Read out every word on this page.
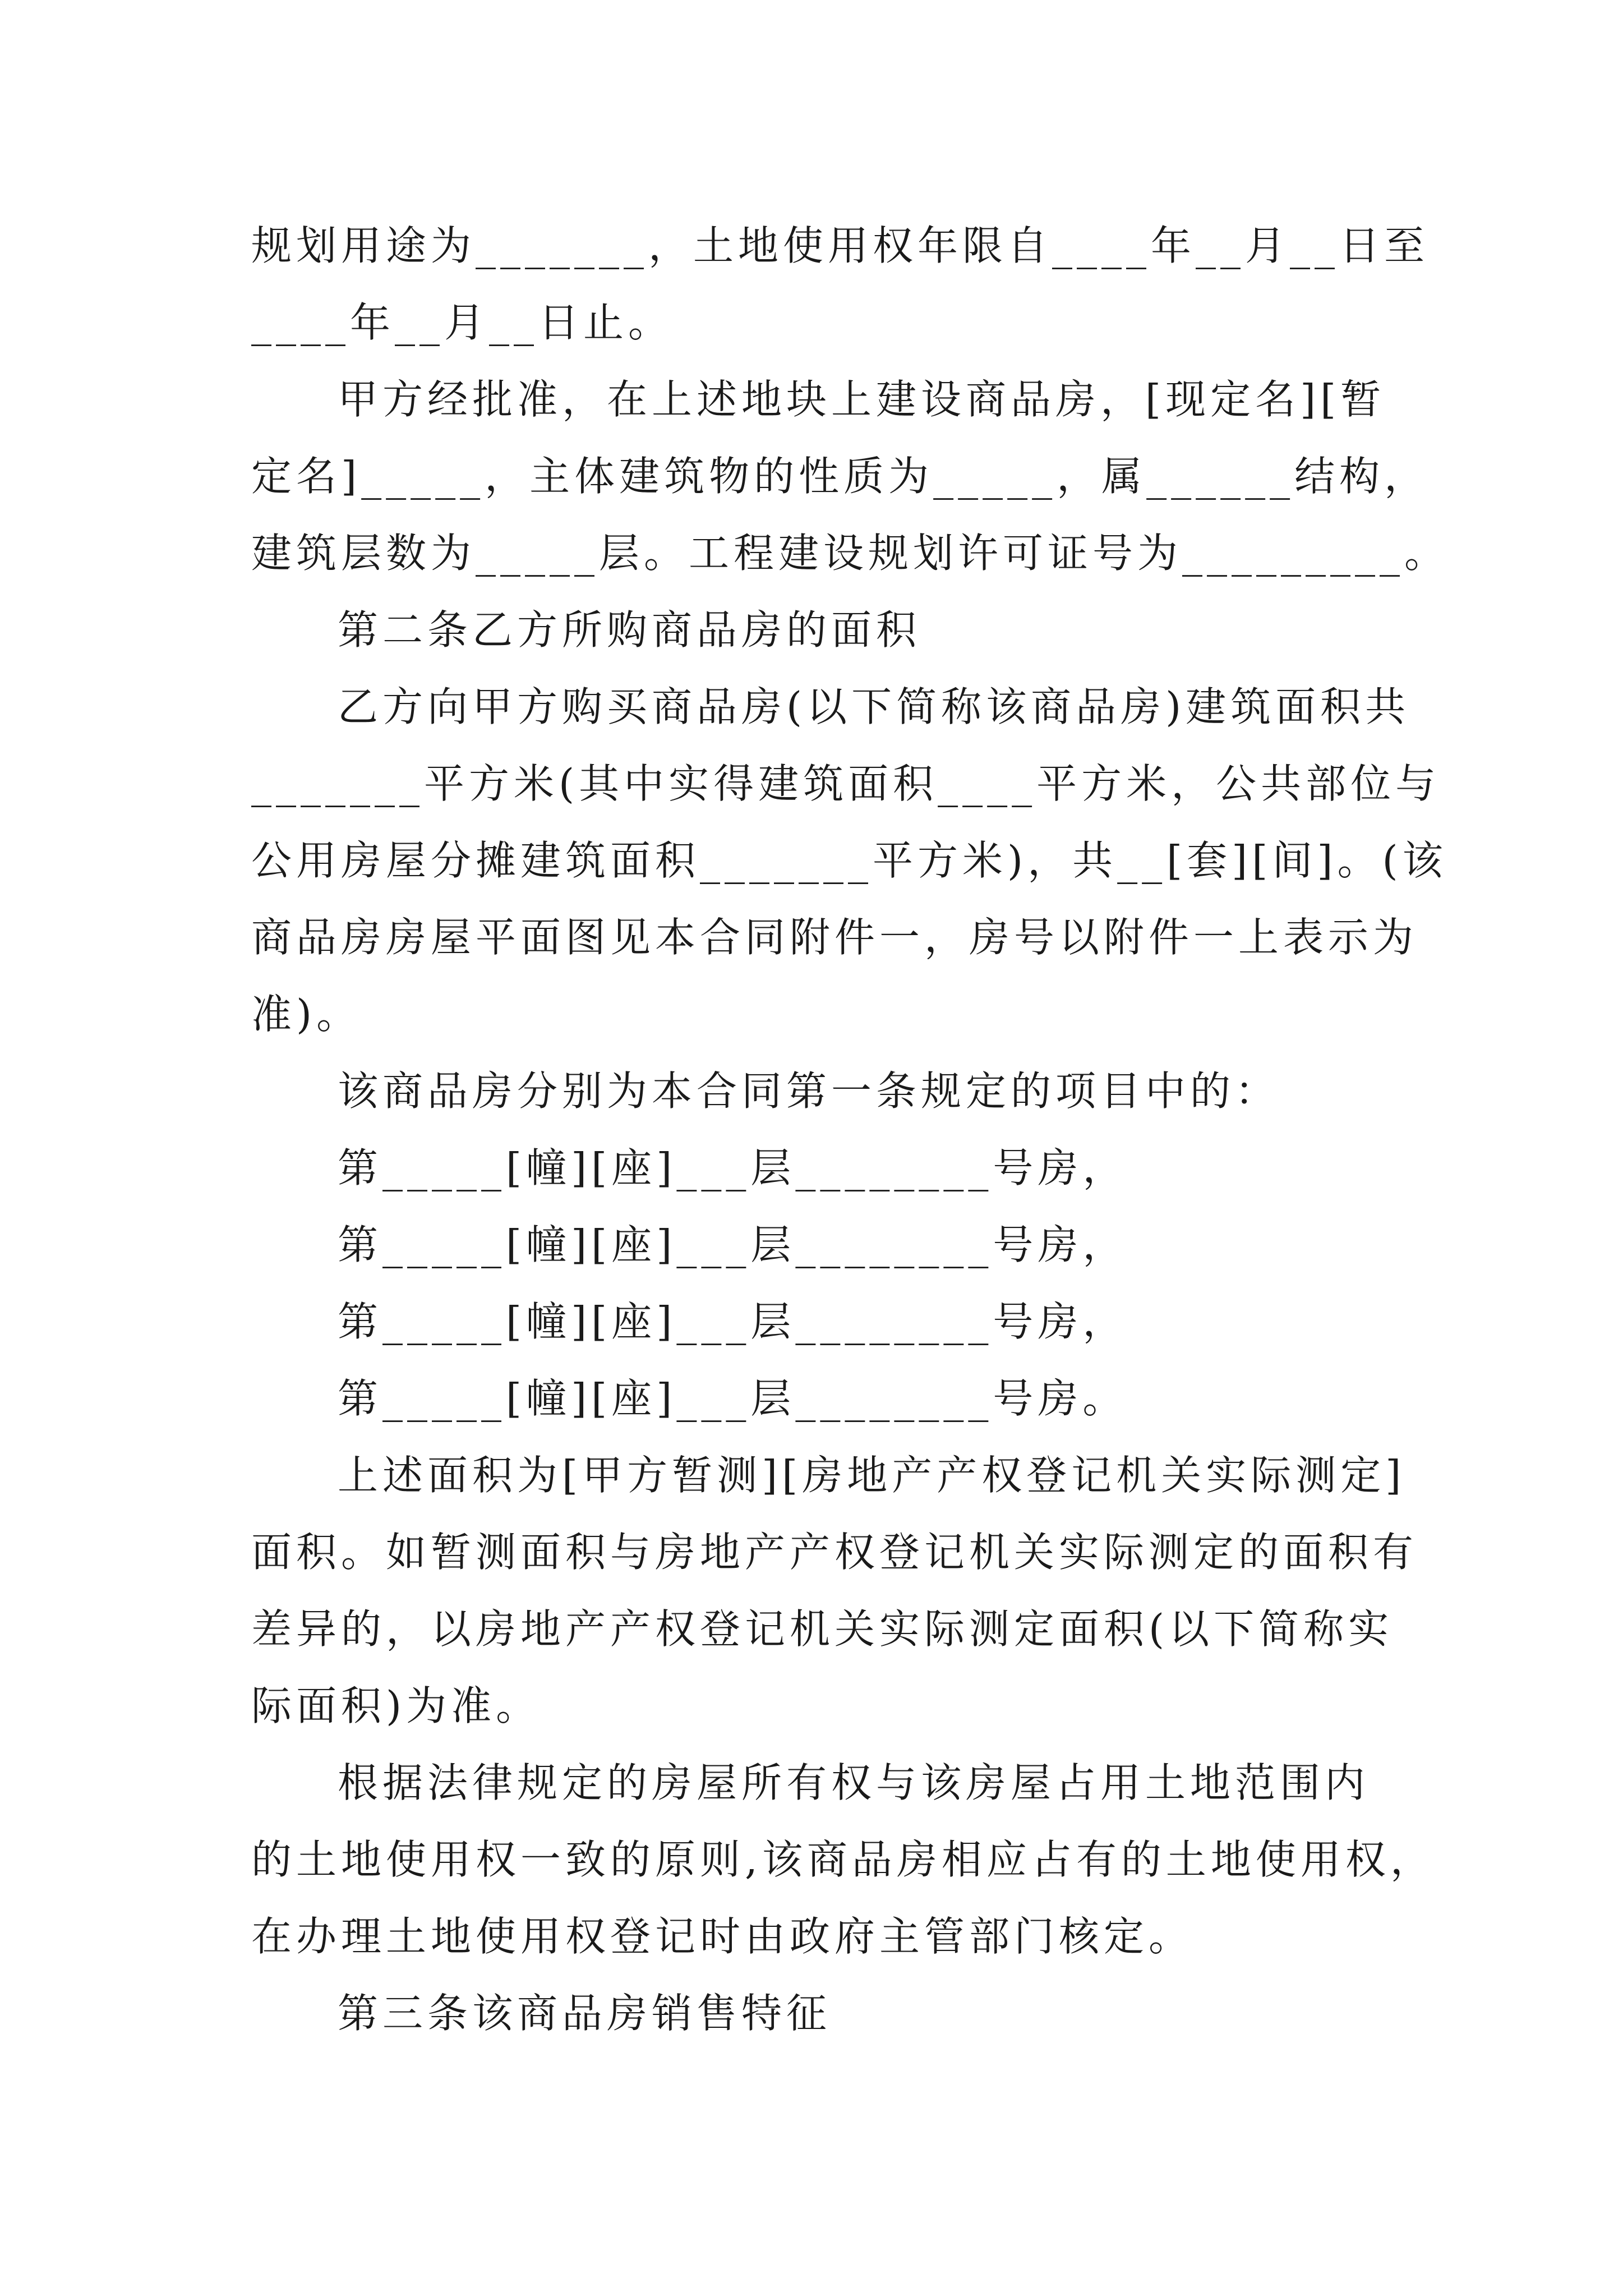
规划用途为_______，土地使用权年限自____年__月__日至
____年__月__日止。
甲方经批准，在上述地块上建设商品房，[现定名][暂
定名]_____，主体建筑物的性质为_____，属______结构，
建筑层数为_____层。工程建设规划许可证号为_________。
第二条乙方所购商品房的面积
乙方向甲方购买商品房(以下简称该商品房)建筑面积共
_______平方米(其中实得建筑面积____平方米，公共部位与
公用房屋分摊建筑面积_______平方米)，共__[套][间]。(该
商品房房屋平面图见本合同附件一，房号以附件一上表示为
准)。
该商品房分别为本合同第一条规定的项目中的：
第_____[幢][座]___层________号房，
第_____[幢][座]___层________号房，
第_____[幢][座]___层________号房，
第_____[幢][座]___层________号房。
上述面积为[甲方暂测][房地产产权登记机关实际测定]
面积。如暂测面积与房地产产权登记机关实际测定的面积有
差异的，以房地产产权登记机关实际测定面积(以下简称实
际面积)为准。
根据法律规定的房屋所有权与该房屋占用土地范围内
的土地使用权一致的原则,该商品房相应占有的土地使用权，
在办理土地使用权登记时由政府主管部门核定。
第三条该商品房销售特征
